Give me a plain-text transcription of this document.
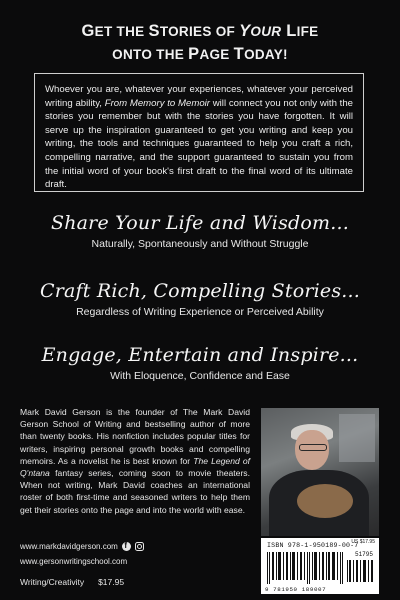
GET THE STORIES OF YOUR LIFE
ONTO THE PAGE TODAY!
Whoever you are, whatever your experiences, whatever your perceived writing ability, From Memory to Memoir will connect you not only with the stories you remember but with the stories you have forgotten. It will serve up the inspiration guaranteed to get you writing and keep you writing, the tools and techniques guaranteed to help you craft a rich, compelling narrative, and the support guaranteed to sustain you from the initial word of your book's first draft to the final word of its ultimate draft.
Share Your Life and Wisdom...
Naturally, Spontaneously and Without Struggle
Craft Rich, Compelling Stories...
Regardless of Writing Experience or Perceived Ability
Engage, Entertain and Inspire...
With Eloquence, Confidence and Ease
Mark David Gerson is the founder of The Mark David Gerson School of Writing and bestselling author of more than twenty books. His nonfiction includes popular titles for writers, inspiring personal growth books and compelling memoirs. As a novelist he is best known for The Legend of Q'ntana fantasy series, coming soon to movie theaters. When not writing, Mark David coaches an international roster of both first-time and seasoned writers to help them get their stories onto the page and into the world with ease.
US $17.95
ISBN 978-1-950189-00-7
51795
9 781950 189007
www.markdavidgerson.com
f
www.gersonwritingschool.com
Writing/Creativity $17.95
